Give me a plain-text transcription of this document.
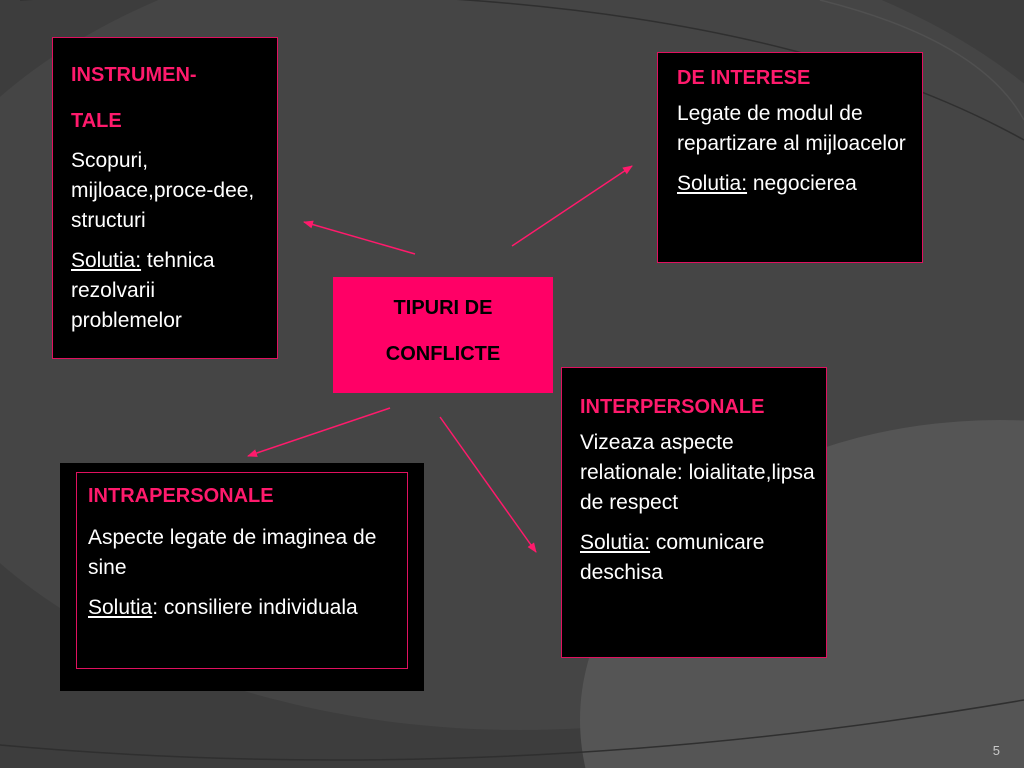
TIPURI DE
CONFLICTE

INSTRUMEN-

TALE

Scopuri, mijloace,proce-dee, structuri

Solutia: tehnica rezolvarii problemelor

DE INTERESE

Legate de modul de repartizare al mijloacelor

Solutia: negocierea

INTERPERSONALE

Vizeaza aspecte relationale: loialitate,lipsa de respect

Solutia: comunicare deschisa

INTRAPERSONALE

Aspecte legate de imaginea de sine

Solutia: consiliere individuala

5
